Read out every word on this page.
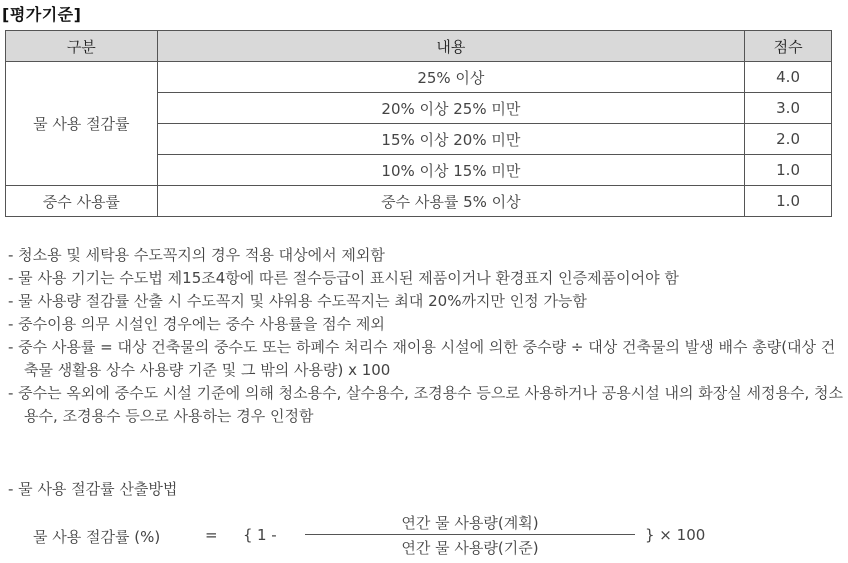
[평가기준]
구분	내용	점수
물 사용 절감률	25% 이상	4.0
	20% 이상 25% 미만	3.0
	15% 이상 20% 미만	2.0
	10% 이상 15% 미만	1.0
중수 사용률	중수 사용률 5% 이상	1.0
- 청소용 및 세탁용 수도꼭지의 경우 적용 대상에서 제외함
- 물 사용 기기는 수도법 제15조4항에 따른 절수등급이 표시된 제품이거나 환경표지 인증제품이어야 함
- 물 사용량 절감률 산출 시 수도꼭지 및 샤워용 수도꼭지는 최대 20%까지만 인정 가능함
- 중수이용 의무 시설인 경우에는 중수 사용률을 점수 제외
- 중수 사용률 = 대상 건축물의 중수도 또는 하폐수 처리수 재이용 시설에 의한 중수량 ÷ 대상 건축물의 발생 배수 총량(대상 건축물 생활용 상수 사용량 기준 및 그 밖의 사용량) x 100
- 중수는 옥외에 중수도 시설 기준에 의해 청소용수, 살수용수, 조경용수 등으로 사용하거나 공용시설 내의 화장실 세정용수, 청소용수, 조경용수 등으로 사용하는 경우 인정함
- 물 사용 절감률 산출방법
물 사용 절감률 (%)	= { 1 -
연간 물 사용량(계획)
연간 물 사용량(기준)
} × 100
